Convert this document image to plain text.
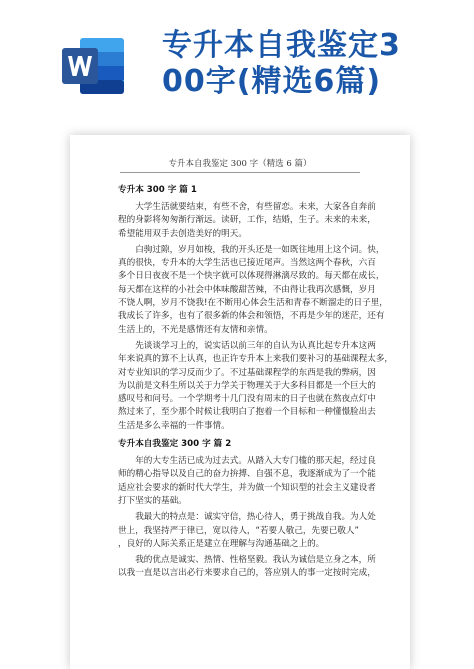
专升本自我鉴定3
00字(精选6篇)
专升本自我鉴定 300 字（精选 6 篇）
专升本 300 字 篇 1
大学生活就要结束，有些不舍，有些留恋。未来，大家各自奔前
程的身影将匆匆渐行渐远。读研，工作，结婚，生子。未来的未来，
希望能用双手去创造美好的明天。
白驹过隙，岁月如梭，我的开头还是一如既往地用上这个词。快，
真的很快，专升本的大学生活也已接近尾声。当然这两个春秋，六百
多个日日夜夜不是一个快字就可以体现得淋漓尽致的。每天都在成长，
每天都在这样的小社会中体味酸甜苦辣，不由得让我再次感慨，岁月
不饶人啊，岁月不饶我!在不断用心体会生活和青春不断溜走的日子里，
我成长了许多，也有了很多新的体会和领悟，不再是少年的迷茫，还有
生活上的，不光是感情还有友情和亲情。
先谈谈学习上的，说实话以前三年的自认为认真比起专升本这两
年来说真的算不上认真，也正许专升本上来我们要补习的基础课程太多，
对专业知识的学习反而少了。不过基础课程学的东西是我的弊病，因
为以前是文科生所以关于力学关于物理关于大多科目都是一个巨大的
感叹号和问号。一个学期考十几门没有周末的日子也就在熬夜点灯中
熬过来了，至少那个时候让我明白了抱着一个目标和一种懂憬脸出去
生活是多么幸福的一件事情。
专升本自我鉴定 300 字 篇 2
年的大专生活已成为过去式。从踏入大专门槛的那天起，经过良
师的精心指导以及自己的奋力拚搏、自强不息，我逐渐成为了一个能
适应社会要求的新时代大学生，并为做一个知识型的社会主义建设者
打下坚实的基础。
我最大的特点是：诚实守信，热心待人，勇于挑战自我。为人处
世上，我坚持严于律已，宽以待人，“若要人敬己，先要已敬人”
，良好的人际关系正是建立在理解与沟通基础之上的。
我的优点是诚实、热情、性格坚毅。我认为诚信是立身之本，所
以我一直是以言出必行来要求自己的，答应别人的事一定按时完成，
